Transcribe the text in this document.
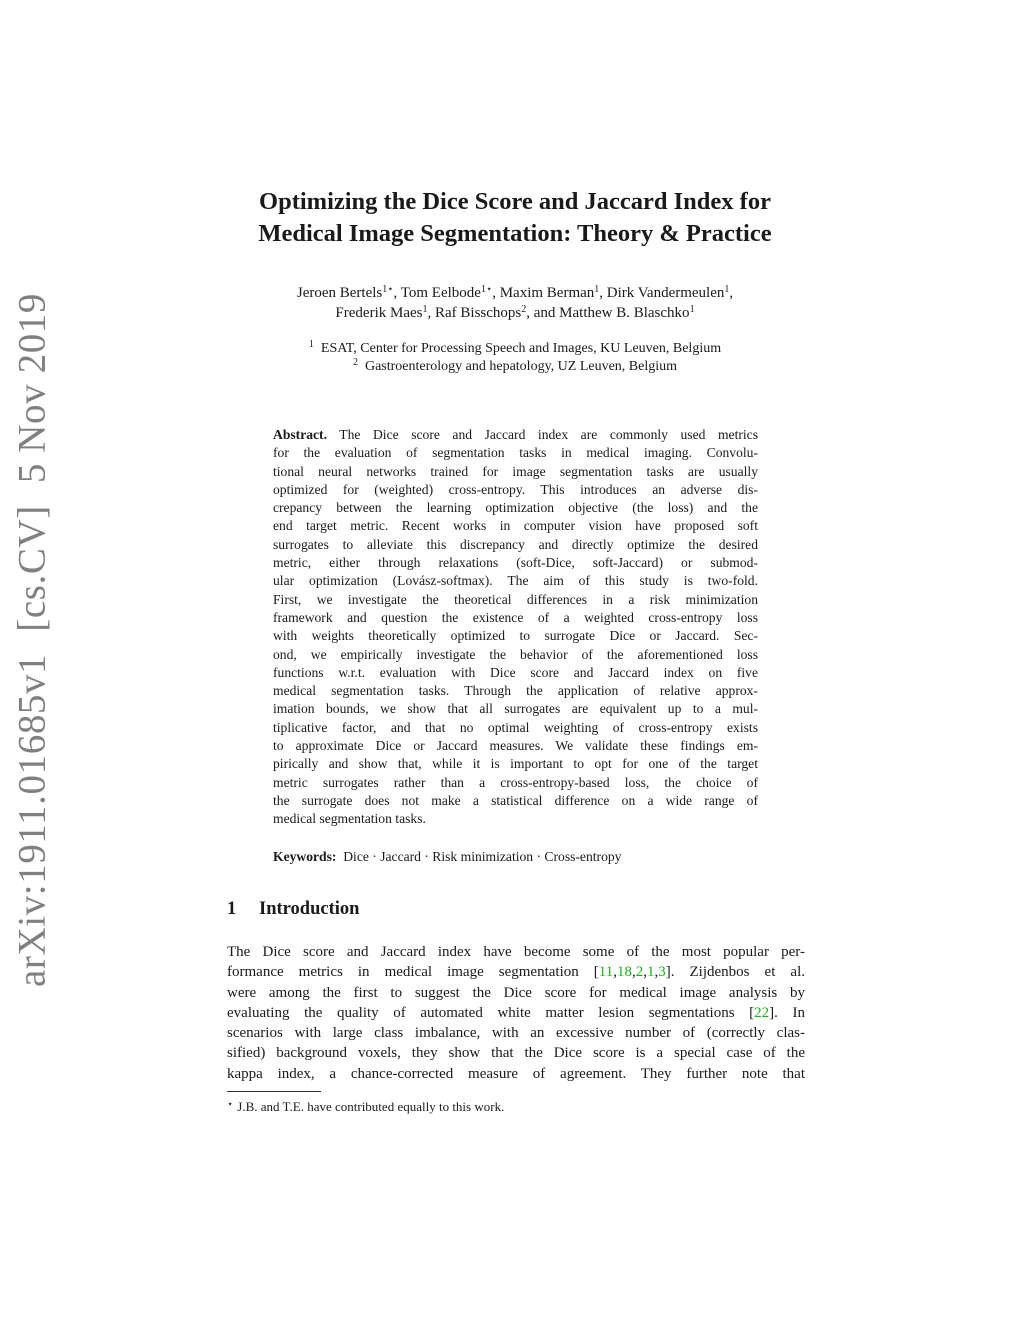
arXiv:1911.01685v1[cs.CV]5 Nov 2019
Optimizing the Dice Score and Jaccard Index for
Medical Image Segmentation: Theory & Practice
Jeroen Bertels$^{1⋆}$, Tom Eelbode$^{1⋆}$, Maxim Berman$^1$, Dirk Vandermeulen$^1$,
Frederik Maes$^1$, Raf Bisschops$^2$, and Matthew B. Blaschko$^1$
$^1$ ESAT, Center for Processing Speech and Images, KU Leuven, Belgium
$^2$ Gastroenterology and hepatology, UZ Leuven, Belgium
Abstract. The Dice score and Jaccard index are commonly used metrics
for the evaluation of segmentation tasks in medical imaging. Convolu-
tional neural networks trained for image segmentation tasks are usually
optimized for (weighted) cross-entropy. This introduces an adverse dis-
crepancy between the learning optimization objective (the loss) and the
end target metric. Recent works in computer vision have proposed soft
surrogates to alleviate this discrepancy and directly optimize the desired
metric, either through relaxations (soft-Dice, soft-Jaccard) or submod-
ular optimization (Lovász-softmax). The aim of this study is two-fold.
First, we investigate the theoretical differences in a risk minimization
framework and question the existence of a weighted cross-entropy loss
with weights theoretically optimized to surrogate Dice or Jaccard. Sec-
ond, we empirically investigate the behavior of the aforementioned loss
functions w.r.t. evaluation with Dice score and Jaccard index on five
medical segmentation tasks. Through the application of relative approx-
imation bounds, we show that all surrogates are equivalent up to a mul-
tiplicative factor, and that no optimal weighting of cross-entropy exists
to approximate Dice or Jaccard measures. We validate these findings em-
pirically and show that, while it is important to opt for one of the target
metric surrogates rather than a cross-entropy-based loss, the choice of
the surrogate does not make a statistical difference on a wide range of
medical segmentation tasks.
Keywords: Dice · Jaccard · Risk minimization · Cross-entropy
1 Introduction
The Dice score and Jaccard index have become some of the most popular per-
formance metrics in medical image segmentation [11,18,2,1,3]. Zijdenbos et al.
were among the first to suggest the Dice score for medical image analysis by
evaluating the quality of automated white matter lesion segmentations [22]. In
scenarios with large class imbalance, with an excessive number of (correctly clas-
sified) background voxels, they show that the Dice score is a special case of the
kappa index, a chance-corrected measure of agreement. They further note that
⋆ J.B. and T.E. have contributed equally to this work.
